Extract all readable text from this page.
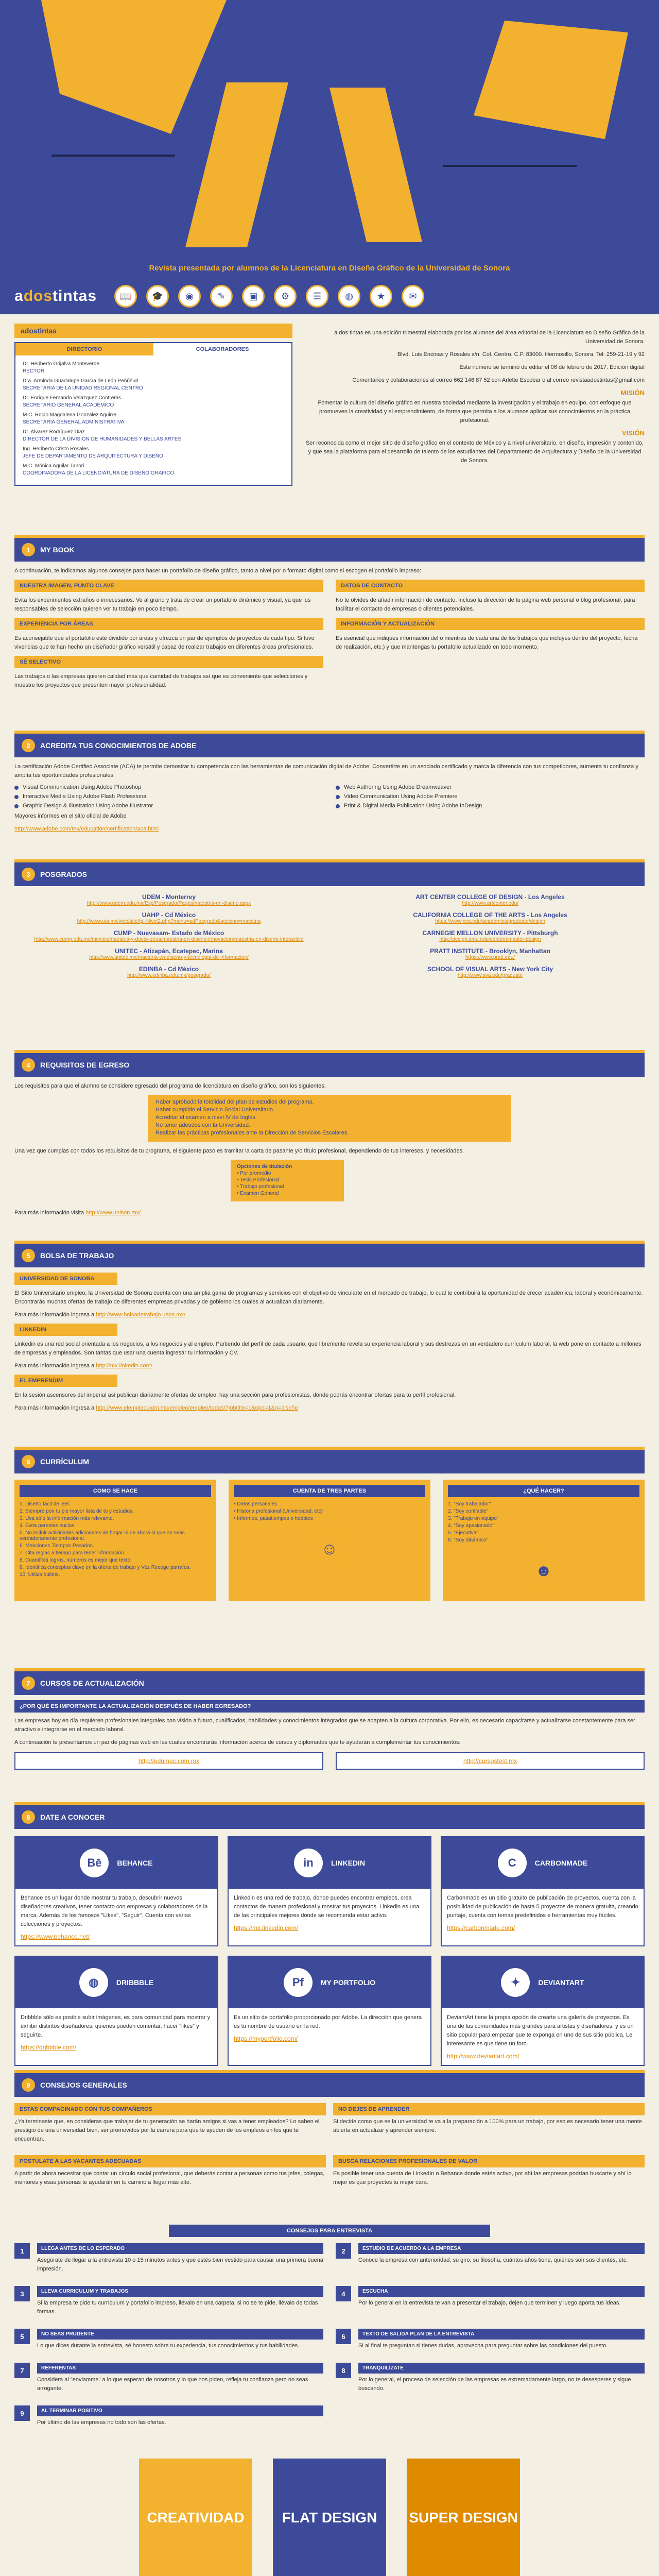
Revista presentada por alumnos de la Licenciatura en Diseño Gráfico de la Universidad de Sonora
adostintas	📖	🎓	◉	✎	▣	⚙	☰	◍	★	✉
adostintas
DIRECTORIO	COLABORADORES
Dr. Heriberto Grijalva Monteverde
RECTOR
Dra. Arminda Guadalupe García de León Peñúñuri
SECRETARIA DE LA UNIDAD REGIONAL CENTRO
Dr. Enrique Fernando Velázquez Contreras
SECRETARIO GENERAL ACADÉMICO
M.C. Rocío Magdalena González Aguirre
SECRETARIA GENERAL ADMINISTRATIVA
Dr. Álvarez Rodríguez Diaz
DIRECTOR DE LA DIVISIÓN DE HUMANIDADES Y BELLAS ARTES
Ing. Heriberto Cristo Rosales
JEFE DE DEPARTAMENTO DE ARQUITECTURA Y DISEÑO
M.C. Mónica Aguilar Tanori
COORDINADORA DE LA LICENCIATURA DE DISEÑO GRÁFICO

a dos tintas es una edición trimestral elaborada por los alumnos del área editorial de la Licenciatura en Diseño Gráfico de la Universidad de Sonora.

Blvd. Luis Encinas y Rosales s/n. Col. Centro. C.P. 83000. Hermosillo, Sonora. Tel: 259-21-19 y 92

Este número se terminó de editar el 06 de febrero de 2017. Edición digital

Comentarios y colaboraciones al correo 662 146 87 52 con Arlette Escobar o al correo revistaadostintas@gmail.com

MISIÓN

Fomentar la cultura del diseño gráfico en nuestra sociedad mediante la investigación y el trabajo en equipo, con enfoque que promueven la creatividad y el emprendimiento, de forma que permita a los alumnos aplicar sus conocimientos en la práctica profesional.

VISIÓN

Ser reconocida como el mejor sitio de diseño gráfico en el contexto de México y a nivel universitario, en diseño, impresión y contenido, y que sea la plataforma para el desarrollo de talento de los estudiantes del Departamento de Arquitectura y Diseño de la Universidad de Sonora.

1	MY BOOK

A continuación, te indicamos algunos consejos para hacer un portafolio de diseño gráfico, tanto a nivel por o formato digital como si escogen el portafolio impreso:

NUESTRA IMAGEN, PUNTO CLAVE

Evita los experimentos extraños o innecesarios. Ve al grano y trata de crear un portafolio dinámico y visual, ya que los responsables de selección quieren ver tu trabajo en poco tiempo.

EXPERIENCIA POR ÁREAS

Es aconsejable que el portafolio esté dividido por áreas y ofrezca un par de ejemplos de proyectos de cada tipo. Si tuvo vivencias que te han hecho un diseñador gráfico versátil y capaz de realizar trabajos en diferentes áreas profesionales.

SÉ SELECTIVO

Las trabajos o las empresas quieren calidad más que cantidad de trabajos así que es conveniente que selecciones y muestre los proyectos que presenten mayor profesionalidad.

DATOS DE CONTACTO

No te olvides de añadir información de contacto, incluso la dirección de tu página web personal o blog profesional, para facilitar el contacto de empresas o clientes potenciales.

INFORMACIÓN Y ACTUALIZACIÓN

Es esencial que indiques información del o mientras de cada una de los trabajos que incluyes dentro del proyecto, fecha de realización, etc.) y que mantengas tu portafolio actualizado en todo momento.

2	ACREDITA TUS CONOCIMIENTOS DE ADOBE

La certificación Adobe Certified Associate (ACA) te permite demostrar tu competencia con las herramientas de comunicación digital de Adobe. Convertirte en un asociado certificado y marca la diferencia con tus competidores, aumenta tu confianza y amplía tus oportunidades profesionales.

Visual Communication Using Adobe Photoshop
Interactive Media Using Adobe Flash Professional
Graphic Design & Illustration Using Adobe Illustrator
Web Authoring Using Adobe Dreamweaver
Video Communication Using Adobe Premiere
Print & Digital Media Publication Using Adobe InDesign

Mayores informes en el sitio oficial de Adobe

http://www.adobe.com/mx/education/certification/aca.html

3	POSGRADOS
UDEM - Monterrey
http://www.udem.edu.mx/Esp/Posgrado/Pages/maestria-en-diseno.aspx
UAHP - Cd México
http://www.uia.mx/web/site/tpl-Nivel2.php?menu=adPosgrado&seccion=maestria
CUMP - Nuevasam- Estado de México
http://www.cump.edu.mx/mexico/maestria-y-docto-otros/maestria-en-diseno-innovacion/maestria-en-diseno-interactivo
UNITEC - Atizapán, Ecatepec, Marina
http://www.unitec.mx/maestria-en-diseno-y-tecnologia-de-informacion/
EDINBA - Cd México
http://www.edinba.edu.mx/posgrado/
ART CENTER COLLEGE OF DESIGN - Los Angeles
http://www.artcenter.edu/
CALIFORNIA COLLEGE OF THE ARTS - Los Angeles
https://www.cca.edu/academics/graduate/design
CARNEGIE MELLON UNIVERSITY - Pittsburgh
http://design.cmu.edu/content/master-design
PRATT INSTITUTE - Brooklyn, Manhattan
https://www.pratt.edu/
SCHOOL OF VISUAL ARTS - New York City
http://www.sva.edu/graduate
4	REQUISITOS DE EGRESO

Los requisitos para que el alumno se considere egresado del programa de licenciatura en diseño gráfico, son los siguientes:

Haber aprobado la totalidad del plan de estudios del programa.
Haber cumplido el Servicio Social Universitario.
Acreditar el examen a nivel IV de Inglés.
No tener adeudos con la Universidad.
Realizar las prácticas profesionales ante la Dirección de Servicios Escolares.

Una vez que cumplas con todos los requisitos de tu programa, el siguiente paso es tramitar la carta de pasante y/o título profesional, dependiendo de tus intereses, y necesidades.

Opciones de titulación
• Por promedio
• Tesis Profesional
• Trabajo profesional
• Examen General

Para más información visita http://www.unison.mx/

5	BOLSA DE TRABAJO
UNIVERSIDAD DE SONORA

El Sitio Universitario empleo, la Universidad de Sonora cuenta con una amplia gama de programas y servicios con el objetivo de vincularte en el mercado de trabajo, lo cual te contribuirá la oportunidad de crecer académica, laboral y económicamente. Encontrarás muchas ofertas de trabajo de diferentes empresas privadas y de gobierno los cuales al actualizan diariamente.

Para más información ingresa a http://www.bolsadetrabajo.uson.mx/

LINKEDIN

Linkedin es una red social orientada a los negocios, a los negocios y al empleo. Partiendo del perfil de cada usuario, que libremente revela su experiencia laboral y sus destrezas en un verdadero currículum laboral, la web pone en contacto a millones de empresas y empleados. Son tantas que usar una cuenta ingresar tu información y CV.

Para más información ingresa a http://mx.linkedin.com/

EL EMPRENDIM

En la sesión ascensores del imperial así publican diariamente ofertas de empleo, hay una sección para profesionistas, donde podrás encontrar ofertas para tu perfil profesional.

Para más información ingresa a http://www.elempleo.com.mx/empleo/empleo/todas/?jobtitle=1&opo=1&q=diseño

6	CURRÍCULUM
COMO SE HACE
1. Diseño fácil de leer.
2. Siempre pon tu pie mayor lista de tu y estudios.
3. Usa sólo la información más relevante.
4. Evita perentes sucios.
5. No incluir actividades adicionales de hogar ni de ahora si que no seas verdaderamente profesional.
6. Menciones Tiempos Pasados.
7. Cita reglas a tiempo para tener información.
8. Cuantificá logros, números es mejor que texto.
9. Identifica conceptos clave en la oferta de trabajo y Vez Recoge parrafos.
10. Utiliza bullets.
CUENTA DE TRES PARTES
• Datos personales
• Historia profesional (Universidad, etc)
• Informes, pasatiempos o hobbies
☺
¿QUÉ HACER?
1. "Soy trabajador"
2. "Soy confiable"
3. "Trabajo en equipo"
4. "Soy apasionado"
5. "Ejecutiva"
6. "Soy dinámico"
☻
7	CURSOS DE ACTUALIZACIÓN
¿POR QUÉ ES IMPORTANTE LA ACTUALIZACIÓN DESPUÉS DE HABER EGRESADO?

Las empresas hoy en día requieren profesionales integrales con visión a futuro, cualificados, habilidades y conocimientos integrados que se adapten a la cultura corporativa. Por ello, es necesario capacitarse y actualizarse constantemente para ser atractivo e integrarse en el mercado laboral.

A continuación te presentamos un par de páginas web en las cuales encontrarás información acerca de cursos y diplomados que te ayudarán a complementar tus conocimientos:

http://edumac.com.mx	http://cursostest.mx
8	DATE A CONOCER
Bē	BEHANCE

Behance es un lugar donde mostrar tu trabajo, descubrir nuevos diseñadores creativos, tener contacto con empresas y colaboradores de la marca. Además de los famosos "Likes", "Seguir", Cuenta con varias colecciones y proyectos.

https://www.behance.net/
in	LINKEDIN

Linkedin es una red de trabajo, donde puedes encontrar empleos, crea contactos de manera profesional y mostrar tus proyectos. Linkedin es una de las principales mejores donde se recomienda estar activo.

https://mx.linkedin.com/
C	CARBONMADE

Carbonmade es un sitio gratuito de publicación de proyectos, cuenta con la posibilidad de publicación de hasta 5 proyectos de manera gratuita, creando puntaje, cuenta con temas predefinidos e herramientas muy fáciles.

https://carbonmade.com/
◍	DRIBBBLE

Dribbble sólo es posible subir imágenes, es para comunidad para mostrar y exhibir distintos diseñadores, quienes pueden comentar, hacer "likes" y seguirte.

https://dribbble.com/
Pf	MY PORTFOLIO

Es un sitio de portafolio proporcionado por Adobe. La dirección que genera es tu nombre de usuario en la red.

https://myportfolio.com/
✦	DEVIANTART

DeviantArt tiene la propia opción de crearte una galería de proyectos. Es una de las comunidades más grandes para artistas y diseñadores, y es un sitio popular para empezar que te exponga en uno de sus sitio pública. Le interesante es que tiene un foro.

http://www.deviantart.com/
9	CONSEJOS GENERALES
ESTAS COMPAGINADO CON TUS COMPAÑEROS

¿Ya terminaste que, en consideras que trabajar de tu generación se harán amigos si vas a tener empleados? Lo saben el prestigio de una universidad bien, ser promovidos por la carrera para que te ayuden de los empleos en los que te encuentran.

NO DEJES DE APRENDER

Si decide como que se la universidad te va a la preparación a 100% para un trabajo, por eso es necesario tener una mente abierta en actualizar y aprender siempre.

POSTÚLATE A LAS VACANTES ADECUADAS

A partir de ahora necesitar que contar un círculo social profesional, que deberás contar a personas como tus jefes, colegas, mentores y esas personas te ayudarán en tu camino a llegar más alto.

BUSCA RELACIONES PROFESIONALES DE VALOR

Es posible tener una cuenta de LinkedIn o Behance donde estés activo, por ahí las empresas podrían buscarte y ahí lo mejor es que proyectes tu mejor cara.

CONSEJOS PARA ENTREVISTA
1	LLEGA ANTES DE LO ESPERADO

Asegúrate de llegar a la entrevista 10 o 15 minutos antes y que estés bien vestido para causar una primera buena impresión.

2	ESTUDIO DE ACUERDO A LA EMPRESA

Conoce la empresa con anterioridad, su giro, su filosofía, cuántos años tiene, quiénes son sus clientes, etc.

3	LLEVA CURRICULUM Y TRABAJOS

Si la empresa te pide tu currículum y portafolio impreso, llévalo en una carpeta, si no se te pide, llévalo de todas formas.

4	ESCUCHA

Por lo general en la entrevista te van a presentar el trabajo, dejen que terminen y luego aporta tus ideas.

5	NO SEAS PRUDENTE

Lo que dices durante la entrevista, sé honesto sobre tu experiencia, tus conocimientos y tus habilidades.

6	TEXTO DE SALIDA PLAN DE LA ENTREVISTA

Si al final te preguntan si tienes dudas, aprovecha para preguntar sobre las condiciones del puesto.

7	REFERENTAS

Considera al "enviamme" a lo que esperan de nosotros y lo que nos piden, refleja tu confianza pero no seas arrogante.

8	TRANQUILÍZATE

Por lo general, el proceso de selección de las empresas es extremadamente largo, no te desesperes y sigue buscando.

9	AL TERMINAR POSITIVO

Por último de las empresas no todo son las ofertas.

CREATIVIDAD	FLAT DESIGN	SUPER DESIGN
